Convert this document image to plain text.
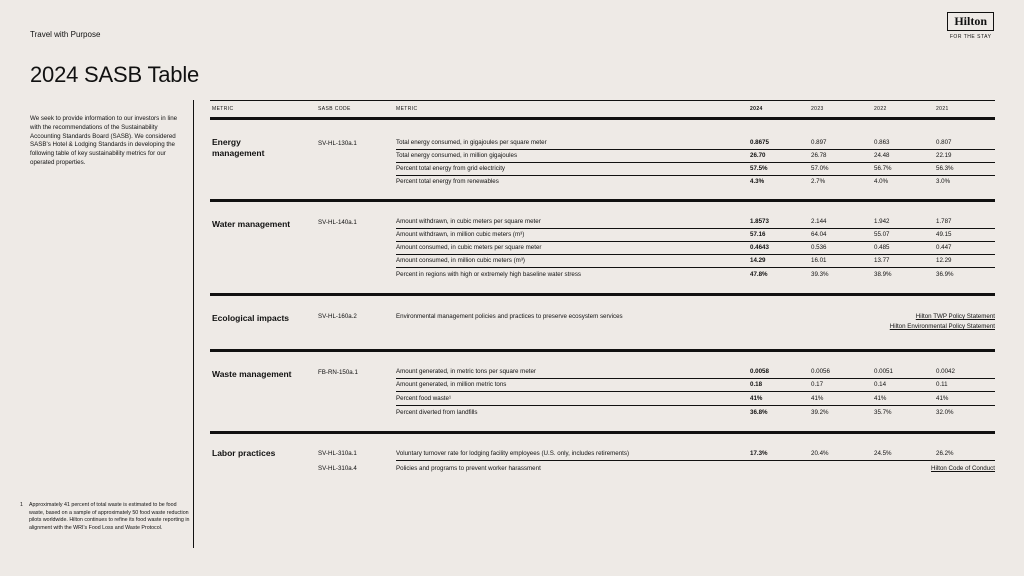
Travel with Purpose
2024 SASB Table
Hilton
FOR THE STAY
We seek to provide information to our investors in line with the recommendations of the Sustainability Accounting Standards Board (SASB). We considered SASB's Hotel & Lodging Standards in developing the following table of key sustainability metrics for our operated properties.
1	Approximately 41 percent of total waste is estimated to be food waste, based on a sample of approximately 50 food waste reduction pilots worldwide. Hilton continues to refine its food waste reporting in alignment with the WRI's Food Loss and Waste Protocol.
METRIC	SASB CODE	METRIC	2024	2023	2022	2021
Energy management
SV-HL-130a.1	Total energy consumed, in gigajoules per square meter	0.8675	0.897	0.863	0.807
Total energy consumed, in million gigajoules	26.70	26.78	24.48	22.19
Percent total energy from grid electricity	57.5%	57.0%	56.7%	56.3%
Percent total energy from renewables	4.3%	2.7%	4.0%	3.0%
Water management	SV-HL-140a.1	Amount withdrawn, in cubic meters per square meter	1.8573	2.144	1.942	1.787
Amount withdrawn, in million cubic meters (m³)	57.16	64.04	55.07	49.15
Amount consumed, in cubic meters per square meter	0.4643	0.536	0.485	0.447
Amount consumed, in million cubic meters (m³)	14.29	16.01	13.77	12.29
Percent in regions with high or extremely high baseline water stress	47.8%	39.3%	38.9%	36.9%
Ecological impacts	SV-HL-160a.2	Environmental management policies and practices to preserve ecosystem services	Hilton TWP Policy Statement
Hilton Environmental Policy Statement
Waste management	FB-RN-150a.1	Amount generated, in metric tons per square meter	0.0058	0.0056	0.0051	0.0042
Amount generated, in million metric tons	0.18	0.17	0.14	0.11
Percent food waste¹	41%	41%	41%	41%
Percent diverted from landfills	36.8%	39.2%	35.7%	32.0%
Labor practices	SV-HL-310a.1	Voluntary turnover rate for lodging facility employees (U.S. only, includes retirements)	17.3%	20.4%	24.5%	26.2%
SV-HL-310a.4	Policies and programs to prevent worker harassment	Hilton Code of Conduct
